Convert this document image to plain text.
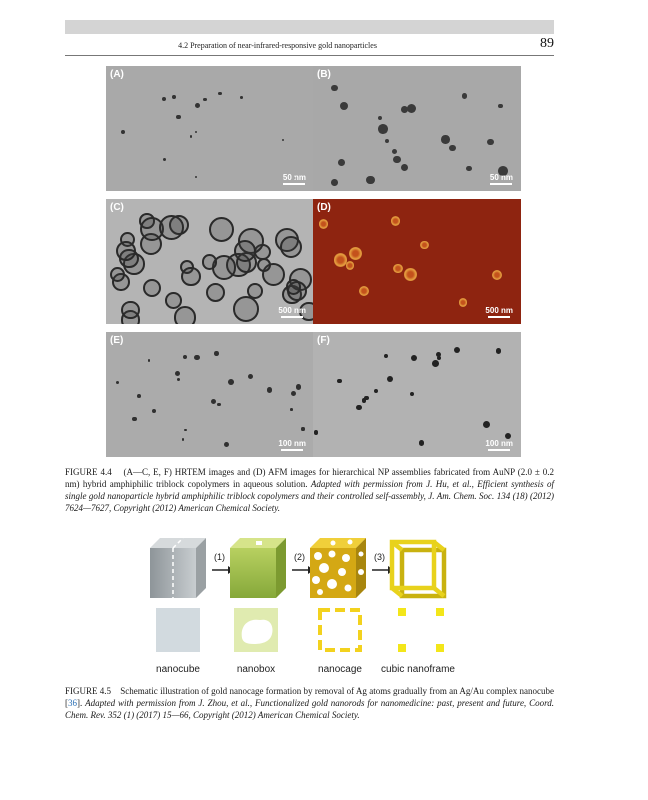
4.2 Preparation of near-infrared-responsive gold nanoparticles	89
(A)
50 nm
(B)
50 nm
(C)
500 nm
(D)
500 nm
(E)
100 nm
(F)
100 nm
FIGURE 4.4 (A—C, E, F) HRTEM images and (D) AFM images for hierarchical NP assemblies fabricated from AuNP (2.0 ± 0.2 nm) hybrid amphiphilic triblock copolymers in aqueous solution. Adapted with permission from J. Hu, et al., Efficient synthesis of single gold nanoparticle hybrid amphiphilic triblock copolymers and their controlled self-assembly, J. Am. Chem. Soc. 134 (18) (2012) 7624—7627, Copyright (2012) American Chemical Society.
(1)	(2)	(3)
nanocube	nanobox	nanocage cubic nanoframe
FIGURE 4.5 Schematic illustration of gold nanocage formation by removal of Ag atoms gradually from an Ag/Au complex nanocube [36]. Adapted with permission from J. Zhou, et al., Functionalized gold nanorods for nanomedicine: past, present and future, Coord. Chem. Rev. 352 (1) (2017) 15—66, Copyright (2012) American Chemical Society.
